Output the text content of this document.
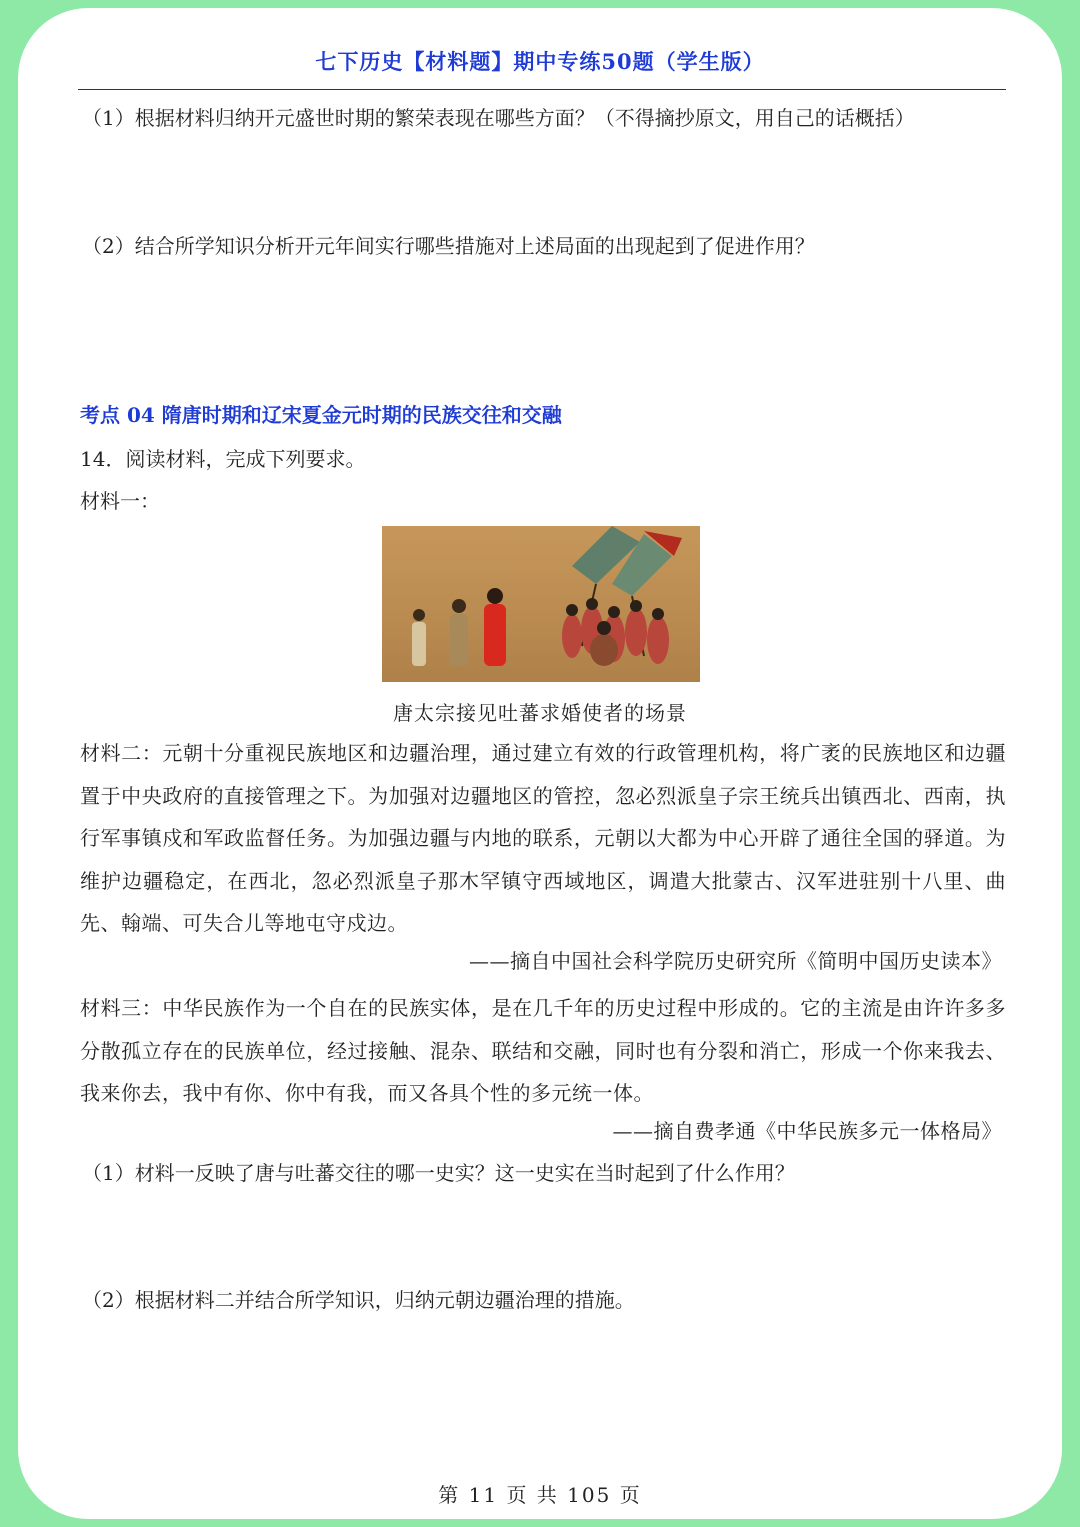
七下历史【材料题】期中专练50题（学生版）
（1）根据材料归纳开元盛世时期的繁荣表现在哪些方面？（不得摘抄原文，用自己的话概括）
（2）结合所学知识分析开元年间实行哪些措施对上述局面的出现起到了促进作用？
考点 04 隋唐时期和辽宋夏金元时期的民族交往和交融
14．阅读材料，完成下列要求。
材料一：
唐太宗接见吐蕃求婚使者的场景
材料二：元朝十分重视民族地区和边疆治理，通过建立有效的行政管理机构，将广袤的民族地区和边疆置于中央政府的直接管理之下。为加强对边疆地区的管控，忽必烈派皇子宗王统兵出镇西北、西南，执行军事镇戍和军政监督任务。为加强边疆与内地的联系，元朝以大都为中心开辟了通往全国的驿道。为维护边疆稳定，在西北，忽必烈派皇子那木罕镇守西域地区，调遣大批蒙古、汉军进驻别十八里、曲先、翰端、可失合儿等地屯守戍边。
——摘自中国社会科学院历史研究所《简明中国历史读本》
材料三：中华民族作为一个自在的民族实体，是在几千年的历史过程中形成的。它的主流是由许许多多分散孤立存在的民族单位，经过接触、混杂、联结和交融，同时也有分裂和消亡，形成一个你来我去、我来你去，我中有你、你中有我，而又各具个性的多元统一体。
——摘自费孝通《中华民族多元一体格局》
（1）材料一反映了唐与吐蕃交往的哪一史实？这一史实在当时起到了什么作用？
（2）根据材料二并结合所学知识，归纳元朝边疆治理的措施。
第 11 页 共 105 页
